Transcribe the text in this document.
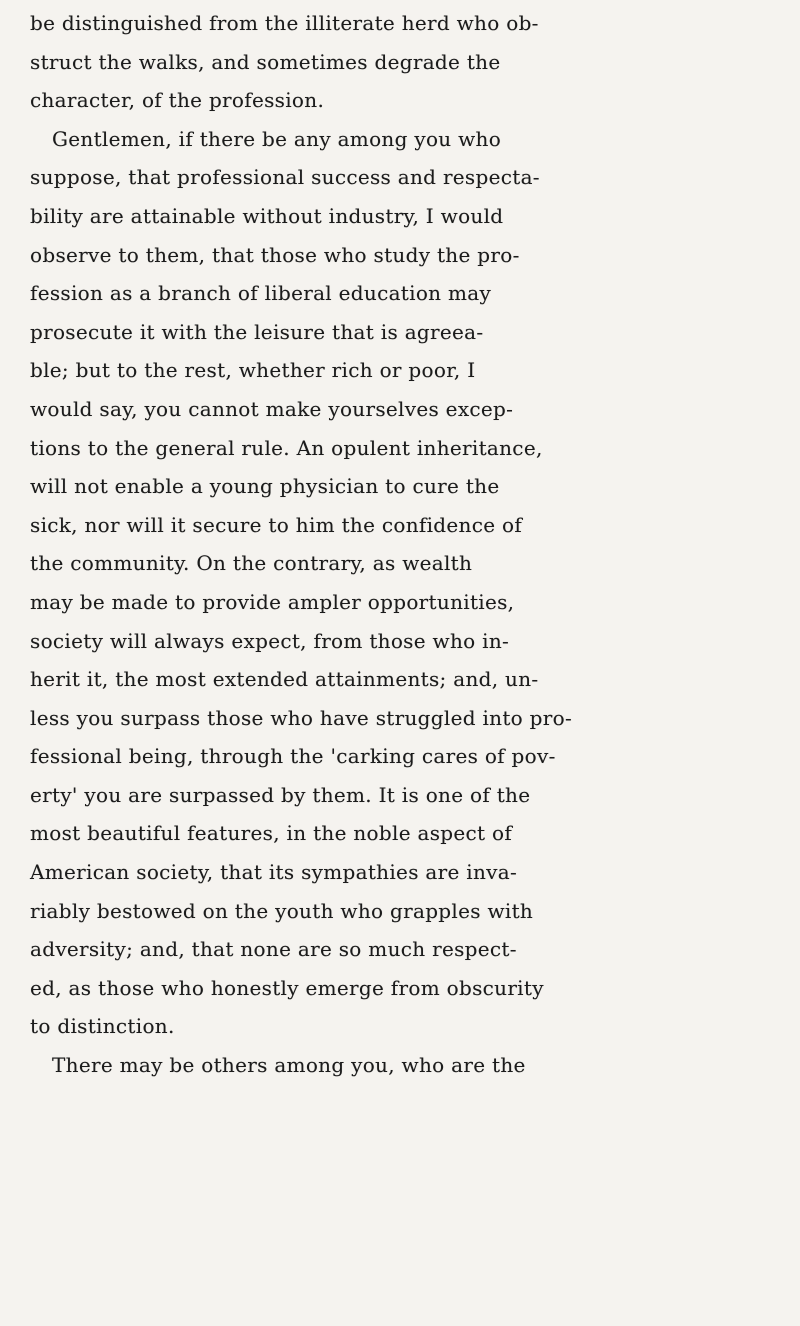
be distinguished from the illiterate herd who ob-
struct the walks, and sometimes degrade the
character, of the profession.
Gentlemen, if there be any among you who
suppose, that professional success and respecta-
bility are attainable without industry, I would
observe to them, that those who study the pro-
fession as a branch of liberal education may
prosecute it with the leisure that is agreea-
ble; but to the rest, whether rich or poor, I
would say, you cannot make yourselves excep-
tions to the general rule. An opulent inheritance,
will not enable a young physician to cure the
sick, nor will it secure to him the confidence of
the community. On the contrary, as wealth
may be made to provide ampler opportunities,
society will always expect, from those who in-
herit it, the most extended attainments; and, un-
less you surpass those who have struggled into pro-
fessional being, through the 'carking cares of pov-
erty' you are surpassed by them. It is one of the
most beautiful features, in the noble aspect of
American society, that its sympathies are inva-
riably bestowed on the youth who grapples with
adversity; and, that none are so much respect-
ed, as those who honestly emerge from obscurity
to distinction.
There may be others among you, who are the
